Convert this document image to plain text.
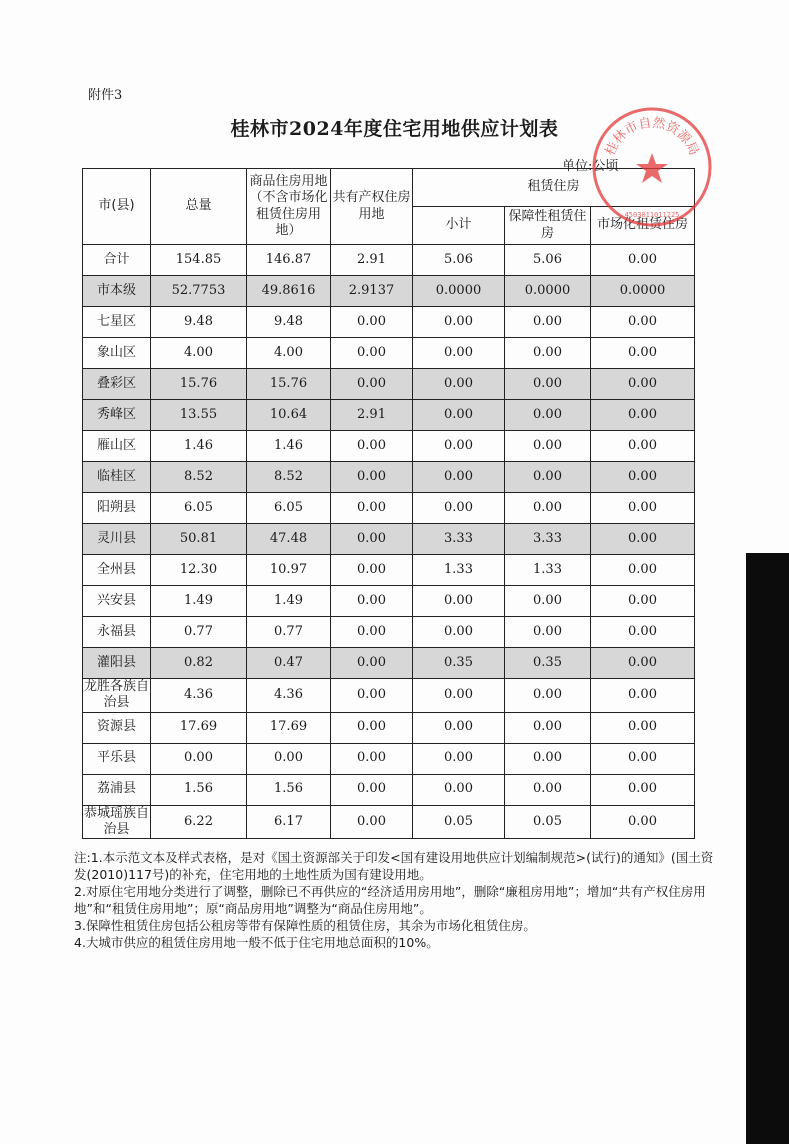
附件3
桂林市2024年度住宅用地供应计划表
单位:公顷
市(县)	总量	商品住房用地（不含市场化租赁住房用地）	共有产权住房用地	租赁住房		
				小计	保障性租赁住房	市场化租赁住房
合计	154.85	146.87	2.91	5.06	5.06	0.00
市本级	52.7753	49.8616	2.9137	0.0000	0.0000	0.0000
七星区	9.48	9.48	0.00	0.00	0.00	0.00
象山区	4.00	4.00	0.00	0.00	0.00	0.00
叠彩区	15.76	15.76	0.00	0.00	0.00	0.00
秀峰区	13.55	10.64	2.91	0.00	0.00	0.00
雁山区	1.46	1.46	0.00	0.00	0.00	0.00
临桂区	8.52	8.52	0.00	0.00	0.00	0.00
阳朔县	6.05	6.05	0.00	0.00	0.00	0.00
灵川县	50.81	47.48	0.00	3.33	3.33	0.00
全州县	12.30	10.97	0.00	1.33	1.33	0.00
兴安县	1.49	1.49	0.00	0.00	0.00	0.00
永福县	0.77	0.77	0.00	0.00	0.00	0.00
灌阳县	0.82	0.47	0.00	0.35	0.35	0.00
龙胜各族自治县	4.36	4.36	0.00	0.00	0.00	0.00
资源县	17.69	17.69	0.00	0.00	0.00	0.00
平乐县	0.00	0.00	0.00	0.00	0.00	0.00
荔浦县	1.56	1.56	0.00	0.00	0.00	0.00
恭城瑶族自治县	6.22	6.17	0.00	0.05	0.05	0.00

注:1.本示范文本及样式表格，是对《国土资源部关于印发<国有建设用地供应计划编制规范>(试行)的通知》(国土资发(2010)117号)的补充，住宅用地的土地性质为国有建设用地。

2.对原住宅用地分类进行了调整，删除已不再供应的“经济适用房用地”，删除“廉租房用地”；增加“共有产权住房用地”和“租赁住房用地”；原“商品房用地”调整为“商品住房用地”。

3.保障性租赁住房包括公租房等带有保障性质的租赁住房，其余为市场化租赁住房。

4.大城市供应的租赁住房用地一般不低于住宅用地总面积的10%。

桂林市自然资源局
4503011011225
